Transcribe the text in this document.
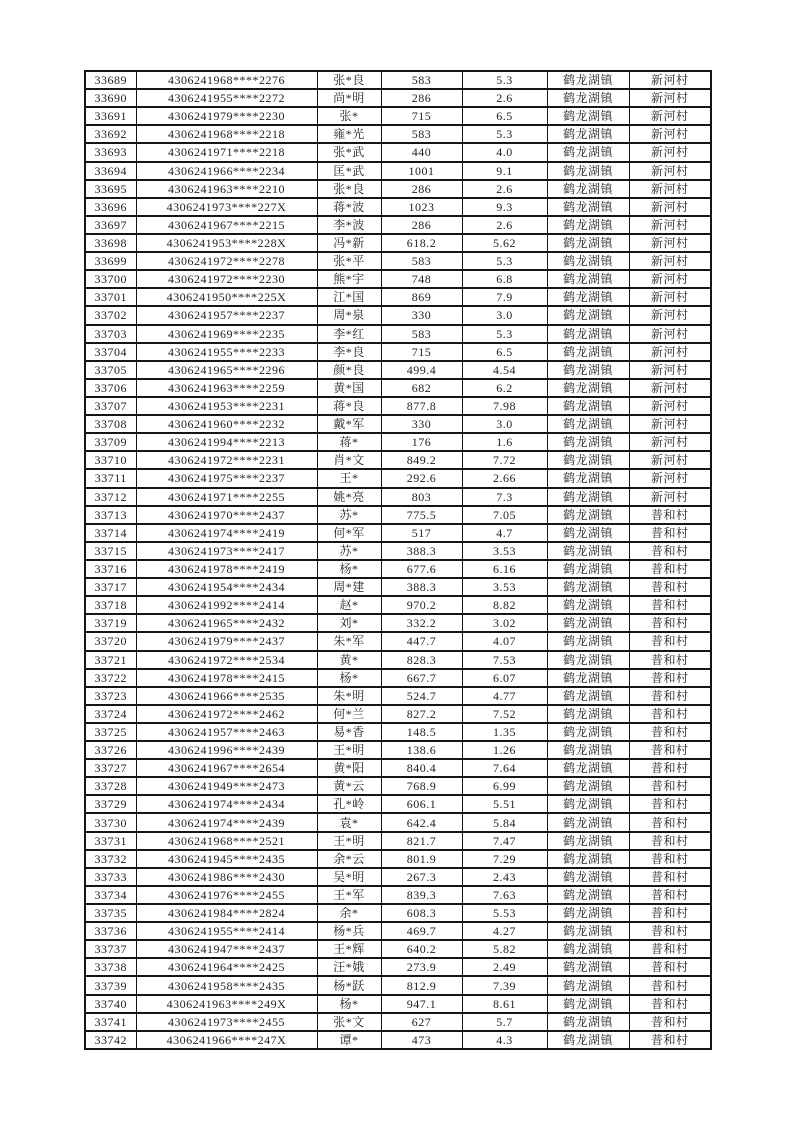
33689	4306241968****2276	张*良	583	5.3	鹤龙湖镇	新河村
33690	4306241955****2272	尚*明	286	2.6	鹤龙湖镇	新河村
33691	4306241979****2230	张*	715	6.5	鹤龙湖镇	新河村
33692	4306241968****2218	雍*光	583	5.3	鹤龙湖镇	新河村
33693	4306241971****2218	张*武	440	4.0	鹤龙湖镇	新河村
33694	4306241966****2234	匡*武	1001	9.1	鹤龙湖镇	新河村
33695	4306241963****2210	张*良	286	2.6	鹤龙湖镇	新河村
33696	4306241973****227X	蒋*波	1023	9.3	鹤龙湖镇	新河村
33697	4306241967****2215	李*波	286	2.6	鹤龙湖镇	新河村
33698	4306241953****228X	冯*新	618.2	5.62	鹤龙湖镇	新河村
33699	4306241972****2278	张*平	583	5.3	鹤龙湖镇	新河村
33700	4306241972****2230	熊*宇	748	6.8	鹤龙湖镇	新河村
33701	4306241950****225X	江*国	869	7.9	鹤龙湖镇	新河村
33702	4306241957****2237	周*泉	330	3.0	鹤龙湖镇	新河村
33703	4306241969****2235	李*红	583	5.3	鹤龙湖镇	新河村
33704	4306241955****2233	李*良	715	6.5	鹤龙湖镇	新河村
33705	4306241965****2296	颜*良	499.4	4.54	鹤龙湖镇	新河村
33706	4306241963****2259	黄*国	682	6.2	鹤龙湖镇	新河村
33707	4306241953****2231	蒋*良	877.8	7.98	鹤龙湖镇	新河村
33708	4306241960****2232	戴*军	330	3.0	鹤龙湖镇	新河村
33709	4306241994****2213	蒋*	176	1.6	鹤龙湖镇	新河村
33710	4306241972****2231	肖*文	849.2	7.72	鹤龙湖镇	新河村
33711	4306241975****2237	王*	292.6	2.66	鹤龙湖镇	新河村
33712	4306241971****2255	姚*亮	803	7.3	鹤龙湖镇	新河村
33713	4306241970****2437	苏*	775.5	7.05	鹤龙湖镇	普和村
33714	4306241974****2419	何*军	517	4.7	鹤龙湖镇	普和村
33715	4306241973****2417	苏*	388.3	3.53	鹤龙湖镇	普和村
33716	4306241978****2419	杨*	677.6	6.16	鹤龙湖镇	普和村
33717	4306241954****2434	周*建	388.3	3.53	鹤龙湖镇	普和村
33718	4306241992****2414	赵*	970.2	8.82	鹤龙湖镇	普和村
33719	4306241965****2432	刘*	332.2	3.02	鹤龙湖镇	普和村
33720	4306241979****2437	朱*军	447.7	4.07	鹤龙湖镇	普和村
33721	4306241972****2534	黄*	828.3	7.53	鹤龙湖镇	普和村
33722	4306241978****2415	杨*	667.7	6.07	鹤龙湖镇	普和村
33723	4306241966****2535	朱*明	524.7	4.77	鹤龙湖镇	普和村
33724	4306241972****2462	何*兰	827.2	7.52	鹤龙湖镇	普和村
33725	4306241957****2463	易*香	148.5	1.35	鹤龙湖镇	普和村
33726	4306241996****2439	王*明	138.6	1.26	鹤龙湖镇	普和村
33727	4306241967****2654	黄*阳	840.4	7.64	鹤龙湖镇	普和村
33728	4306241949****2473	黄*云	768.9	6.99	鹤龙湖镇	普和村
33729	4306241974****2434	孔*岭	606.1	5.51	鹤龙湖镇	普和村
33730	4306241974****2439	袁*	642.4	5.84	鹤龙湖镇	普和村
33731	4306241968****2521	王*明	821.7	7.47	鹤龙湖镇	普和村
33732	4306241945****2435	余*云	801.9	7.29	鹤龙湖镇	普和村
33733	4306241986****2430	吴*明	267.3	2.43	鹤龙湖镇	普和村
33734	4306241976****2455	王*军	839.3	7.63	鹤龙湖镇	普和村
33735	4306241984****2824	余*	608.3	5.53	鹤龙湖镇	普和村
33736	4306241955****2414	杨*兵	469.7	4.27	鹤龙湖镇	普和村
33737	4306241947****2437	王*辉	640.2	5.82	鹤龙湖镇	普和村
33738	4306241964****2425	汪*娥	273.9	2.49	鹤龙湖镇	普和村
33739	4306241958****2435	杨*跃	812.9	7.39	鹤龙湖镇	普和村
33740	4306241963****249X	杨*	947.1	8.61	鹤龙湖镇	普和村
33741	4306241973****2455	张*文	627	5.7	鹤龙湖镇	普和村
33742	4306241966****247X	谭*	473	4.3	鹤龙湖镇	普和村
